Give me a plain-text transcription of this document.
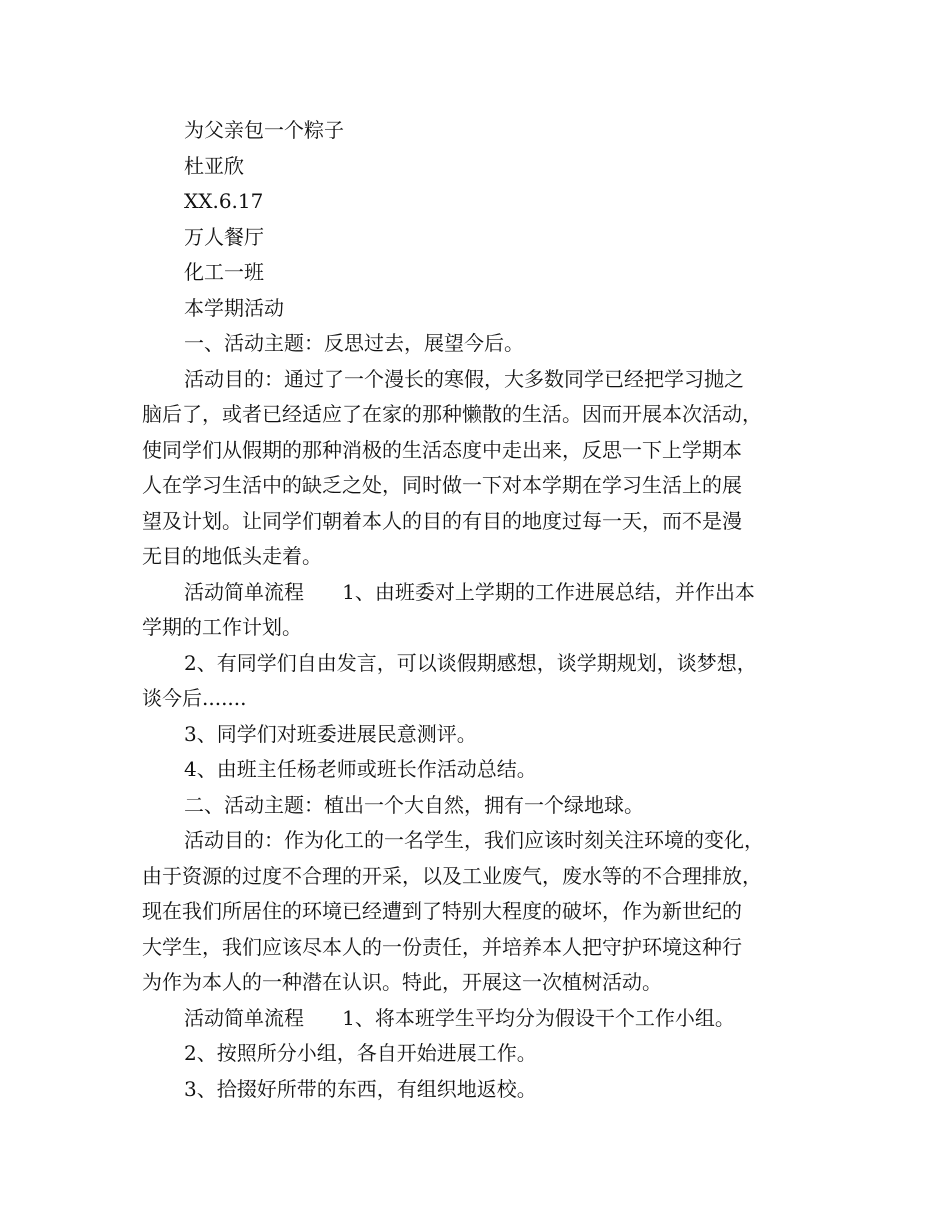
为父亲包一个粽子
杜亚欣
XX.6.17
万人餐厅
化工一班
本学期活动
一、活动主题：反思过去，展望今后。
活动目的：通过了一个漫长的寒假，大多数同学已经把学习抛之
脑后了，或者已经适应了在家的那种懒散的生活。因而开展本次活动，
使同学们从假期的那种消极的生活态度中走出来，反思一下上学期本
人在学习生活中的缺乏之处，同时做一下对本学期在学习生活上的展
望及计划。让同学们朝着本人的目的有目的地度过每一天，而不是漫
无目的地低头走着。
活动简单流程      1、由班委对上学期的工作进展总结，并作出本
学期的工作计划。
2、有同学们自由发言，可以谈假期感想，谈学期规划，谈梦想，
谈今后.......
3、同学们对班委进展民意测评。
4、由班主任杨老师或班长作活动总结。
二、活动主题：植出一个大自然，拥有一个绿地球。
活动目的：作为化工的一名学生，我们应该时刻关注环境的变化，
由于资源的过度不合理的开采，以及工业废气，废水等的不合理排放，
现在我们所居住的环境已经遭到了特别大程度的破坏，作为新世纪的
大学生，我们应该尽本人的一份责任，并培养本人把守护环境这种行
为作为本人的一种潜在认识。特此，开展这一次植树活动。
活动简单流程      1、将本班学生平均分为假设干个工作小组。
2、按照所分小组，各自开始进展工作。
3、拾掇好所带的东西，有组织地返校。
